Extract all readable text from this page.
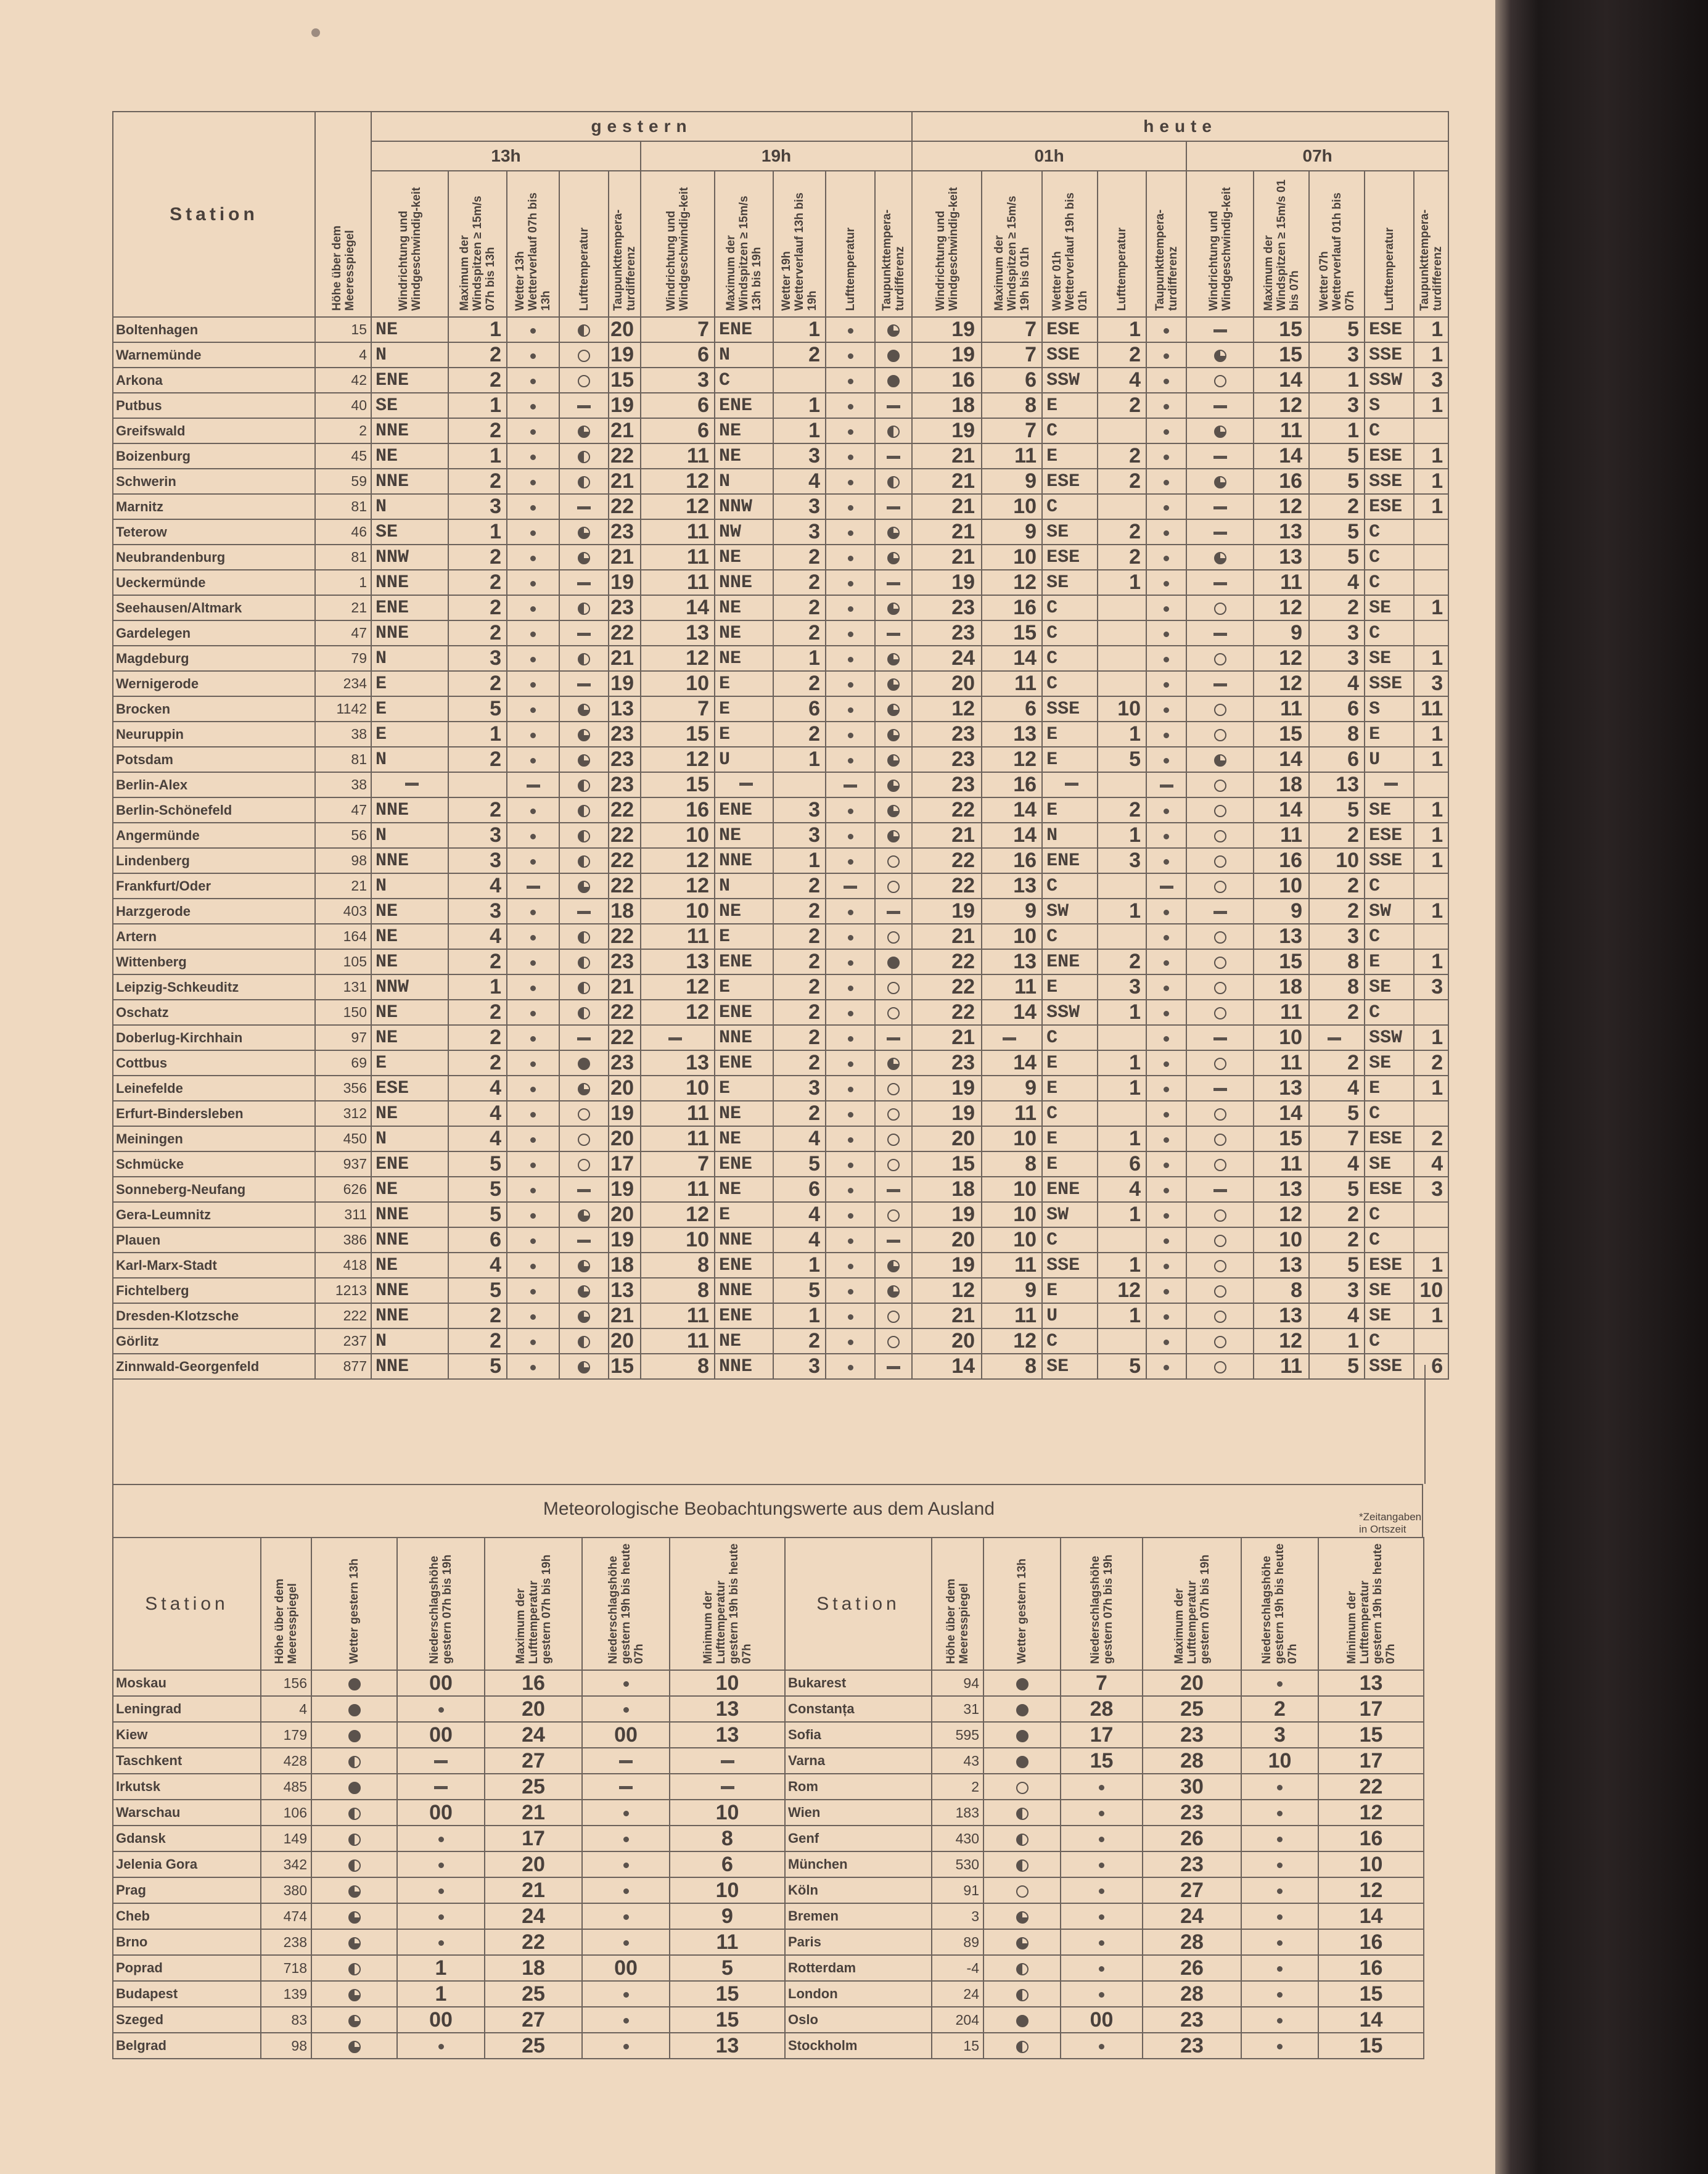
Station	Höhe über dem Meeresspiegel	gestern										heute										
		13h					19h					01h					07h					
		Windrichtung und Windgeschwindig-keit	Maximum der Windspitzen ≥ 15m/s 07h bis 13h	Wetter 13h Wetterverlauf 07h bis 13h	Lufttemperatur	Taupunkttempera-turdifferenz	Windrichtung und Windgeschwindig-keit	Maximum der Windspitzen ≥ 15m/s 13h bis 19h	Wetter 19h Wetterverlauf 13h bis 19h	Lufttemperatur	Taupunkttempera-turdifferenz	Windrichtung und Windgeschwindig-keit	Maximum der Windspitzen ≥ 15m/s 19h bis 01h	Wetter 01h Wetterverlauf 19h bis 01h	Lufttemperatur	Taupunkttempera-turdifferenz	Windrichtung und Windgeschwindig-keit	Maximum der Windspitzen ≥ 15m/s 01 bis 07h	Wetter 07h Wetterverlauf 01h bis 07h	Lufttemperatur	Taupunkttempera-turdifferenz	
Boltenhagen	15	NE	1			20	7	ENE	1			19	7	ESE	1			15	5	ESE	1				
Warnemünde	4	N	2			19	6	N	2			19	7	SSE	2			15	3	SSE	1				
Arkona	42	ENE	2			15	3	C				16	6	SSW	4			14	1	SSW	3				
Putbus	40	SE	1			19	6	ENE	1			18	8	E	2			12	3	S	1				
Greifswald	2	NNE	2			21	6	NE	1			19	7	C				11	1	C					
Boizenburg	45	NE	1			22	11	NE	3			21	11	E	2			14	5	ESE	1				
Schwerin	59	NNE	2			21	12	N	4			21	9	ESE	2			16	5	SSE	1				
Marnitz	81	N	3			22	12	NNW	3			21	10	C				12	2	ESE	1				
Teterow	46	SE	1			23	11	NW	3			21	9	SE	2			13	5	C					
Neubrandenburg	81	NNW	2			21	11	NE	2			21	10	ESE	2			13	5	C					
Ueckermünde	1	NNE	2			19	11	NNE	2			19	12	SE	1			11	4	C					
Seehausen/Altmark	21	ENE	2			23	14	NE	2			23	16	C				12	2	SE	1				
Gardelegen	47	NNE	2			22	13	NE	2			23	15	C				9	3	C					
Magdeburg	79	N	3			21	12	NE	1			24	14	C				12	3	SE	1				
Wernigerode	234	E	2			19	10	E	2			20	11	C				12	4	SSE	3				
Brocken	1142	E	5			13	7	E	6			12	6	SSE	10			11	6	S	11				
Neuruppin	38	E	1			23	15	E	2			23	13	E	1			15	8	E	1				
Potsdam	81	N	2			23	12	U	1			23	12	E	5			14	6	U	1				
Berlin-Alex	38					23	15					23	16					18	13						
Berlin-Schönefeld	47	NNE	2			22	16	ENE	3			22	14	E	2			14	5	SE	1				
Angermünde	56	N	3			22	10	NE	3			21	14	N	1			11	2	ESE	1				
Lindenberg	98	NNE	3			22	12	NNE	1			22	16	ENE	3			16	10	SSE	1				
Frankfurt/Oder	21	N	4			22	12	N	2			22	13	C				10	2	C					
Harzgerode	403	NE	3			18	10	NE	2			19	9	SW	1			9	2	SW	1				
Artern	164	NE	4			22	11	E	2			21	10	C				13	3	C					
Wittenberg	105	NE	2			23	13	ENE	2			22	13	ENE	2			15	8	E	1				
Leipzig-Schkeuditz	131	NNW	1			21	12	E	2			22	11	E	3			18	8	SE	3				
Oschatz	150	NE	2			22	12	ENE	2			22	14	SSW	1			11	2	C					
Doberlug-Kirchhain	97	NE	2			22		NNE	2			21		C				10		SSW	1				
Cottbus	69	E	2			23	13	ENE	2			23	14	E	1			11	2	SE	2				
Leinefelde	356	ESE	4			20	10	E	3			19	9	E	1			13	4	E	1				
Erfurt-Bindersleben	312	NE	4			19	11	NE	2			19	11	C				14	5	C					
Meiningen	450	N	4			20	11	NE	4			20	10	E	1			15	7	ESE	2				
Schmücke	937	ENE	5			17	7	ENE	5			15	8	E	6			11	4	SE	4				
Sonneberg-Neufang	626	NE	5			19	11	NE	6			18	10	ENE	4			13	5	ESE	3				
Gera-Leumnitz	311	NNE	5			20	12	E	4			19	10	SW	1			12	2	C					
Plauen	386	NNE	6			19	10	NNE	4			20	10	C				10	2	C					
Karl-Marx-Stadt	418	NE	4			18	8	ENE	1			19	11	SSE	1			13	5	ESE	1				
Fichtelberg	1213	NNE	5			13	8	NNE	5			12	9	E	12			8	3	SE	10				
Dresden-Klotzsche	222	NNE	2			21	11	ENE	1			21	11	U	1			13	4	SE	1				
Görlitz	237	N	2			20	11	NE	2			20	12	C				12	1	C					
Zinnwald-Georgenfeld	877	NNE	5			15	8	NNE	3			14	8	SE	5			11	5	SSE	6				
Meteorologische Beobachtungswerte aus dem Ausland	*Zeitangaben in Ortszeit
Station	Höhe über dem Meeresspiegel	Wetter gestern 13h	Niederschlagshöhe gestern 07h bis 19h	Maximum der Lufttemperatur gestern 07h bis 19h	Niederschlagshöhe gestern 19h bis heute 07h	Minimum der Lufttemperatur gestern 19h bis heute 07h
Moskau	156		00	16		10
Leningrad	4			20		13
Kiew	179		00	24	00	13
Taschkent	428			27		
Irkutsk	485			25		
Warschau	106		00	21		10
Gdansk	149			17		8
Jelenia Gora	342			20		6
Prag	380			21		10
Cheb	474			24		9
Brno	238			22		11
Poprad	718		1	18	00	5
Budapest	139		1	25		15
Szeged	83		00	27		15
Belgrad	98			25		13
Station	Höhe über dem Meeresspiegel	Wetter gestern 13h	Niederschlagshöhe gestern 07h bis 19h	Maximum der Lufttemperatur gestern 07h bis 19h	Niederschlagshöhe gestern 19h bis heute 07h	Minimum der Lufttemperatur gestern 19h bis heute 07h
Bukarest	94		7	20		13
Constanța	31		28	25	2	17
Sofia	595		17	23	3	15
Varna	43		15	28	10	17
Rom	2			30		22
Wien	183			23		12
Genf	430			26		16
München	530			23		10
Köln	91			27		12
Bremen	3			24		14
Paris	89			28		16
Rotterdam	-4			26		16
London	24			28		15
Oslo	204		00	23		14
Stockholm	15			23		15
